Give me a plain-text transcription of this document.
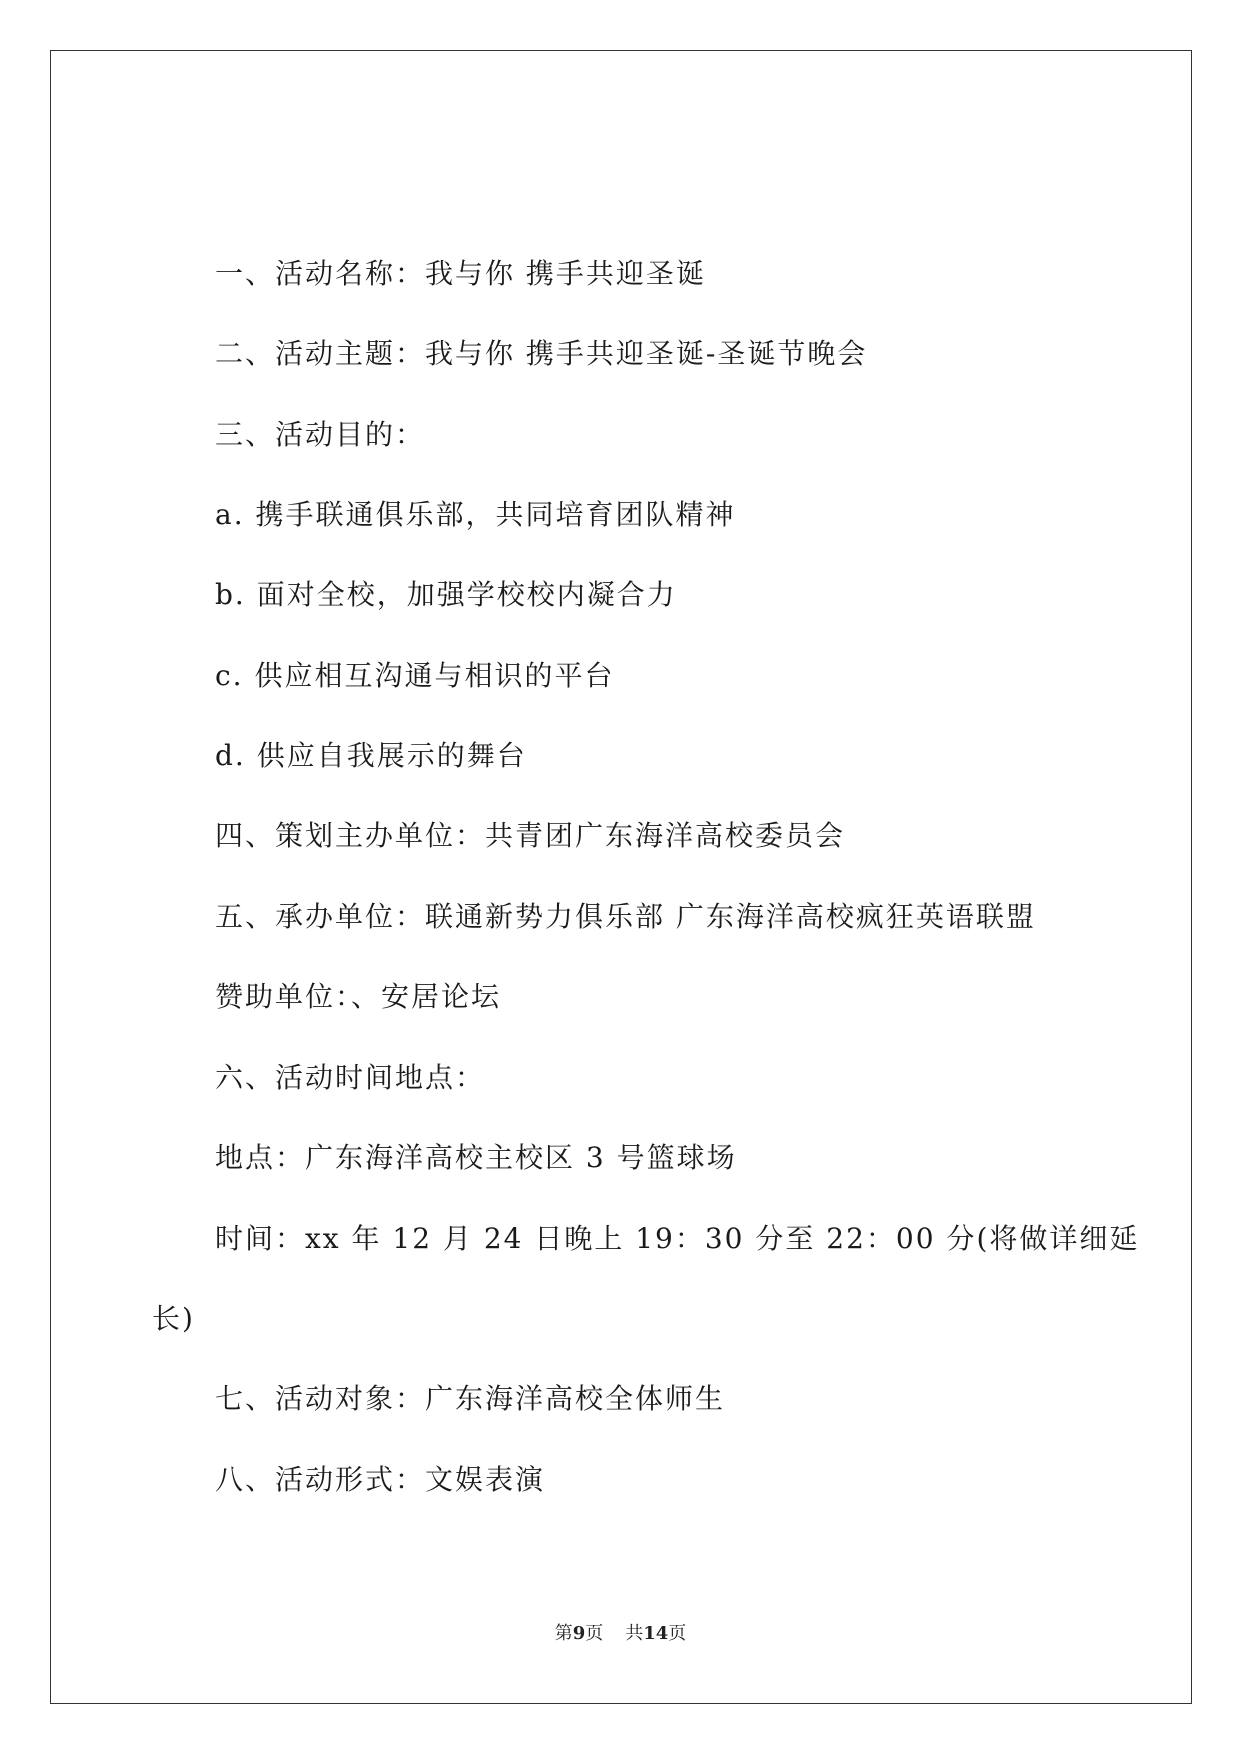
一、活动名称：我与你 携手共迎圣诞
二、活动主题：我与你 携手共迎圣诞-圣诞节晚会
三、活动目的：
a. 携手联通俱乐部，共同培育团队精神
b. 面对全校，加强学校校内凝合力
c. 供应相互沟通与相识的平台
d. 供应自我展示的舞台
四、策划主办单位：共青团广东海洋高校委员会
五、承办单位：联通新势力俱乐部 广东海洋高校疯狂英语联盟
赞助单位：、安居论坛
六、活动时间地点：
地点：广东海洋高校主校区 3 号篮球场
时间：xx 年 12 月 24 日晚上 19：30 分至 22：00 分(将做详细延
长)
七、活动对象：广东海洋高校全体师生
八、活动形式：文娱表演
第9页 共14页
